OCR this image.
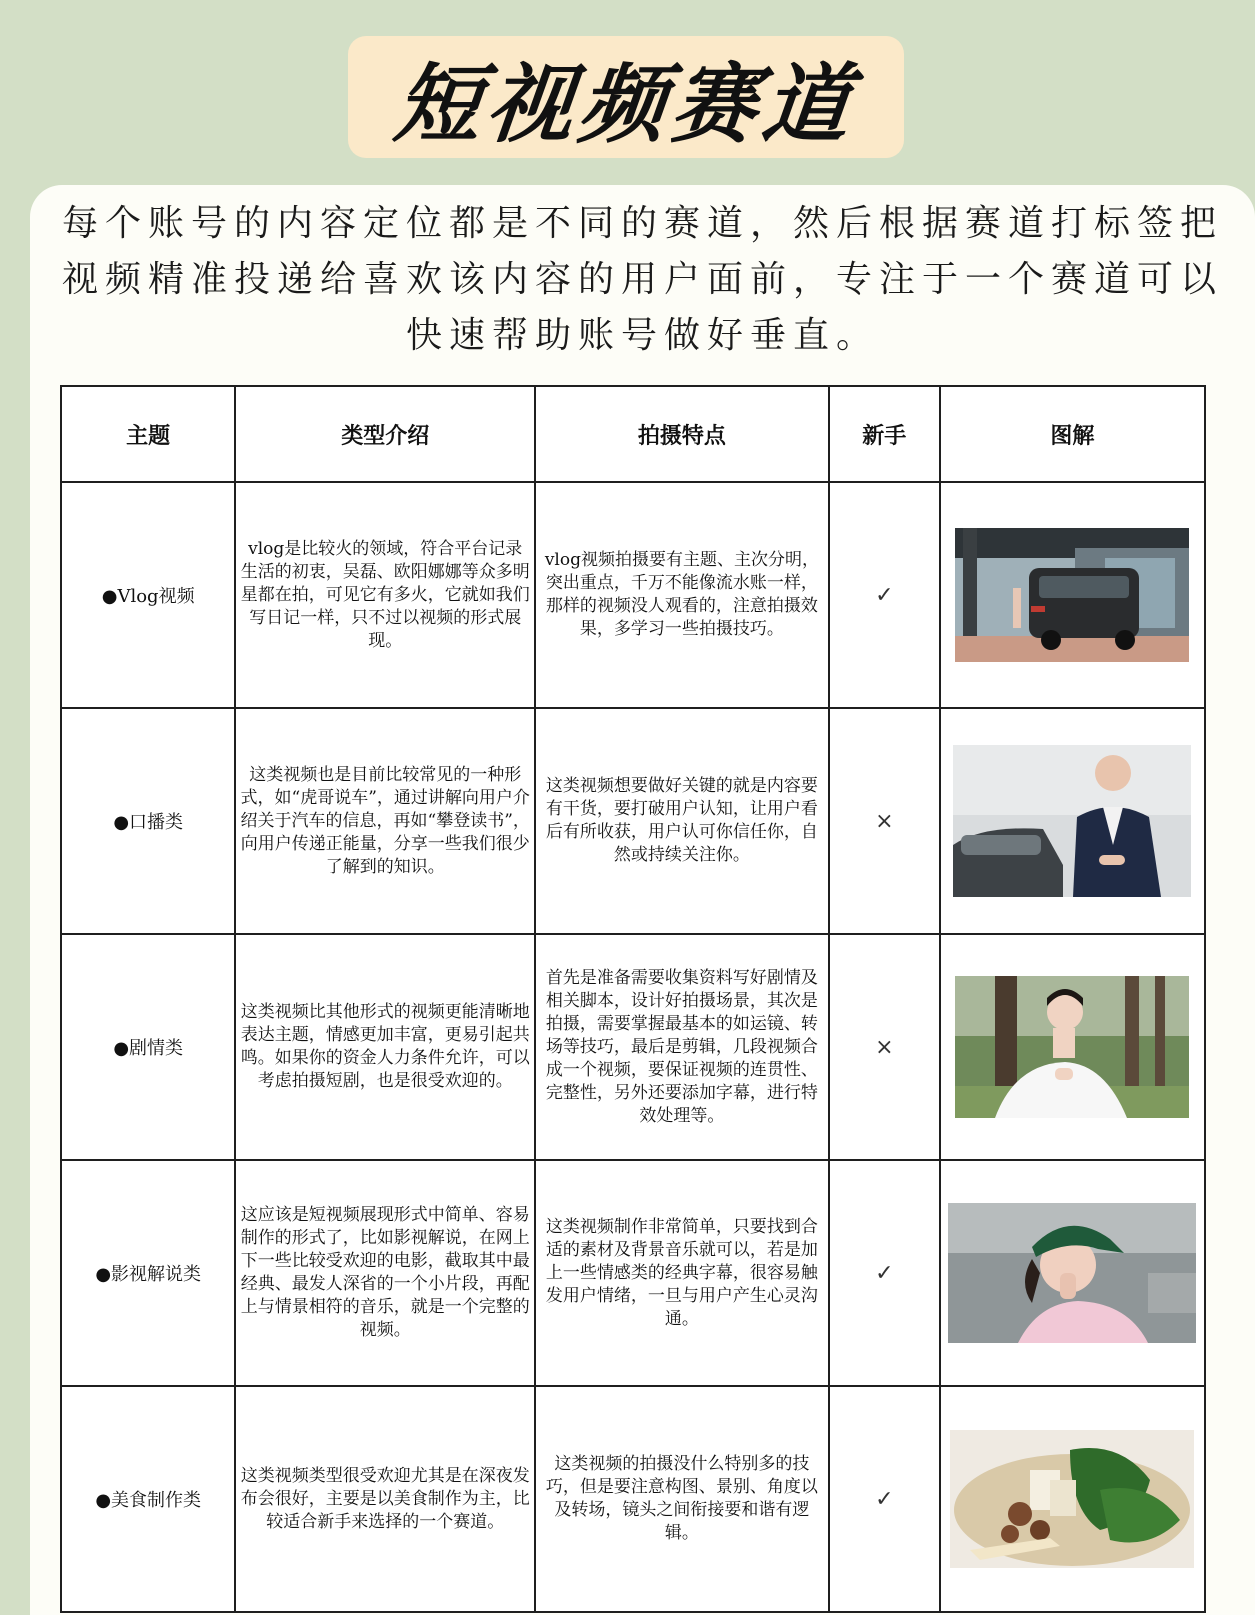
短视频赛道
每个账号的内容定位都是不同的赛道，然后根据赛道打标签把
视频精准投递给喜欢该内容的用户面前，专注于一个赛道可以
快速帮助账号做好垂直。
主题	类型介绍	拍摄特点	新手	图解
●Vlog视频	vlog是比较火的领域，符合平台记录生活的初衷，吴磊、欧阳娜娜等众多明星都在拍，可见它有多火，它就如我们写日记一样，只不过以视频的形式展现。	vlog视频拍摄要有主题、主次分明，突出重点，千万不能像流水账一样，那样的视频没人观看的，注意拍摄效果，多学习一些拍摄技巧。	✓	

●口播类	这类视频也是目前比较常见的一种形式，如“虎哥说车”，通过讲解向用户介绍关于汽车的信息，再如“攀登读书”，向用户传递正能量，分享一些我们很少了解到的知识。	这类视频想要做好关键的就是内容要有干货，要打破用户认知，让用户看后有所收获，用户认可你信任你，自然或持续关注你。	×	

●剧情类	这类视频比其他形式的视频更能清晰地表达主题，情感更加丰富，更易引起共鸣。如果你的资金人力条件允许，可以考虑拍摄短剧，也是很受欢迎的。	首先是准备需要收集资料写好剧情及相关脚本，设计好拍摄场景，其次是拍摄，需要掌握最基本的如运镜、转场等技巧，最后是剪辑，几段视频合成一个视频，要保证视频的连贯性、完整性，另外还要添加字幕，进行特效处理等。	×	

●影视解说类	这应该是短视频展现形式中简单、容易制作的形式了，比如影视解说，在网上下一些比较受欢迎的电影，截取其中最经典、最发人深省的一个小片段，再配上与情景相符的音乐，就是一个完整的视频。	这类视频制作非常简单，只要找到合适的素材及背景音乐就可以，若是加上一些情感类的经典字幕，很容易触发用户情绪，一旦与用户产生心灵沟通。	✓	

●美食制作类	这类视频类型很受欢迎尤其是在深夜发布会很好，主要是以美食制作为主，比较适合新手来选择的一个赛道。	这类视频的拍摄没什么特别多的技巧，但是要注意构图、景别、角度以及转场，镜头之间衔接要和谐有逻辑。	✓	
